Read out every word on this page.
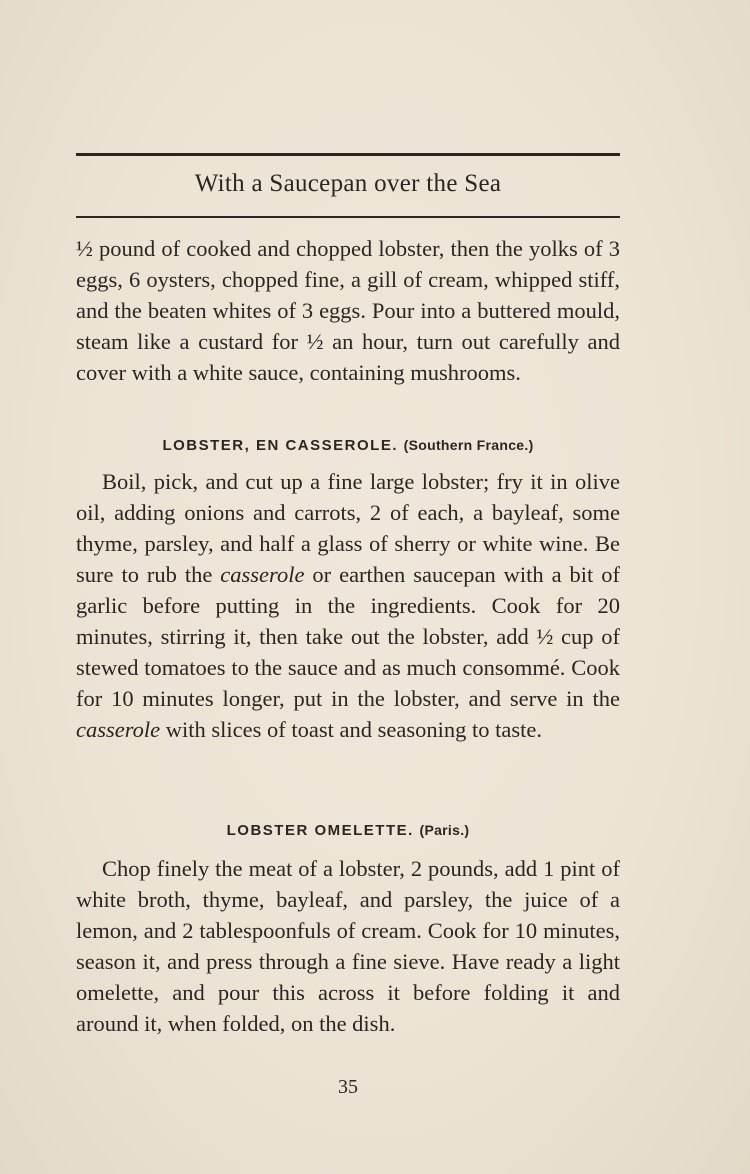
With a Saucepan over the Sea

½ pound of cooked and chopped lobster, then the yolks of 3 eggs, 6 oysters, chopped fine, a gill of cream, whipped stiff, and the beaten whites of 3 eggs. Pour into a buttered mould, steam like a custard for ½ an hour, turn out carefully and cover with a white sauce, containing mushrooms.

LOBSTER, EN CASSEROLE. (Southern France.)

Boil, pick, and cut up a fine large lobster; fry it in olive oil, adding onions and carrots, 2 of each, a bayleaf, some thyme, parsley, and half a glass of sherry or white wine. Be sure to rub the casserole or earthen saucepan with a bit of garlic before putting in the ingredients. Cook for 20 minutes, stirring it, then take out the lobster, add ½ cup of stewed tomatoes to the sauce and as much consommé. Cook for 10 minutes longer, put in the lobster, and serve in the casserole with slices of toast and seasoning to taste.

LOBSTER OMELETTE. (Paris.)

Chop finely the meat of a lobster, 2 pounds, add 1 pint of white broth, thyme, bayleaf, and parsley, the juice of a lemon, and 2 tablespoonfuls of cream. Cook for 10 minutes, season it, and press through a fine sieve. Have ready a light omelette, and pour this across it before folding it and around it, when folded, on the dish.

35
